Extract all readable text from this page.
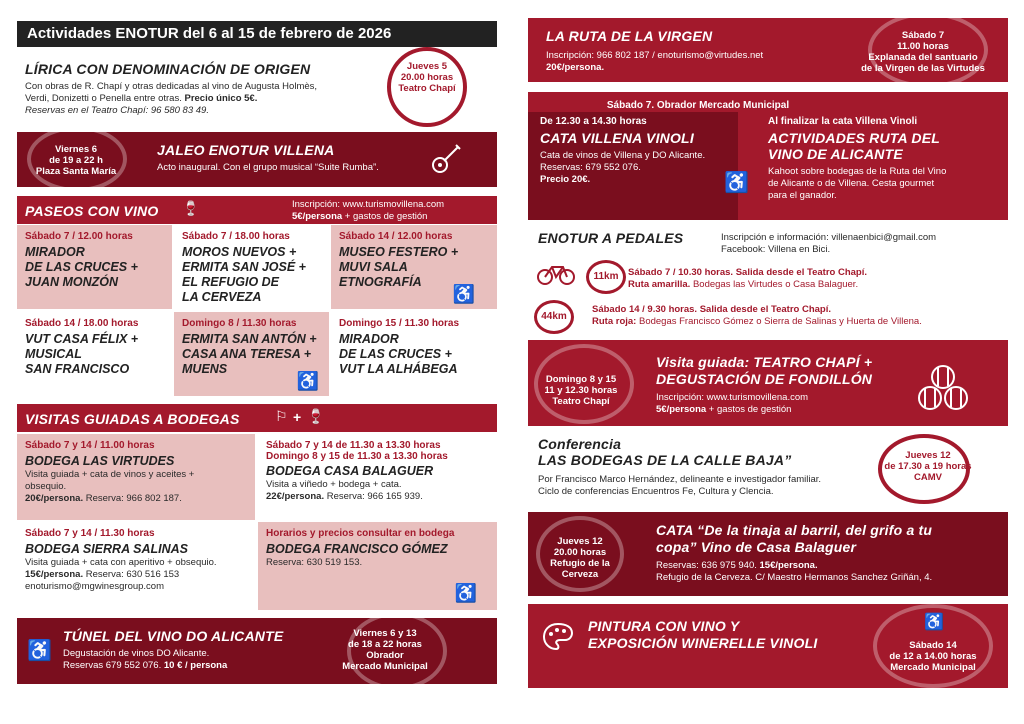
Actividades ENOTUR del 6 al 15 de febrero de 2026
LÍRICA CON DENOMINACIÓN DE ORIGEN
Con obras de R. Chapí y otras dedicadas al vino de Augusta Holmès,
Verdi, Donizetti o Penella entre otras. Precio único 5€.
Reservas en el Teatro Chapí: 96 580 83 49.
Jueves 5
20.00 horas
Teatro Chapí
Viernes 6
de 19 a 22 h
Plaza Santa María
JALEO ENOTUR VILLENA
Acto inaugural. Con el grupo musical “Suite Rumba”.
PASEOS CON VINO 🍷	Inscripción: www.turismovillena.com
5€/persona + gastos de gestión
Sábado 7 / 12.00 horas
MIRADOR
DE LAS CRUCES +
JUAN MONZÓN
Sábado 7 / 18.00 horas
MOROS NUEVOS +
ERMITA SAN JOSÉ +
EL REFUGIO DE
LA CERVEZA
Sábado 14 / 12.00 horas
MUSEO FESTERO +
MUVI SALA
ETNOGRAFÍA
♿
Sábado 14 / 18.00 horas
VUT CASA FÉLIX +
MUSICAL
SAN FRANCISCO
Domingo 8 / 11.30 horas
ERMITA SAN ANTÓN +
CASA ANA TERESA +
MUENS
♿
Domingo 15 / 11.30 horas
MIRADOR
DE LAS CRUCES +
VUT LA ALHÁBEGA
VISITAS GUIADAS A BODEGAS	⚐ + 🍷
Sábado 7 y 14 / 11.00 horas
BODEGA LAS VIRTUDES
Visita guiada + cata de vinos y aceites +
obsequio.
20€/persona. Reserva: 966 802 187.
Sábado 7 y 14 de 11.30 a 13.30 horas
Domingo 8 y 15 de 11.30 a 13.30 horas
BODEGA CASA BALAGUER
Visita a viñedo + bodega + cata.
22€/persona. Reserva: 966 165 939.
Sábado 7 y 14 / 11.30 horas
BODEGA SIERRA SALINAS
Visita guiada + cata con aperitivo + obsequio.
15€/persona. Reserva: 630 516 153
enoturismo@mgwinesgroup.com
Horarios y precios consultar en bodega
BODEGA FRANCISCO GÓMEZ
Reserva: 630 519 153.
♿
♿
TÚNEL DEL VINO DO ALICANTE
Degustación de vinos DO Alicante.
Reservas 679 552 076. 10 € / persona
Viernes 6 y 13
de 18 a 22 horas
Obrador
Mercado Municipal
LA RUTA DE LA VIRGEN
Inscripción: 966 802 187 / enoturismo@virtudes.net
20€/persona.
Sábado 7
11.00 horas
Explanada del santuario
de la Virgen de las Virtudes
Sábado 7. Obrador Mercado Municipal
De 12.30 a 14.30 horas
CATA VILLENA VINOLI
Cata de vinos de Villena y DO Alicante.
Reservas: 679 552 076.
Precio 20€.	♿
Al finalizar la cata Villena Vinoli
ACTIVIDADES RUTA DEL
VINO DE ALICANTE
Kahoot sobre bodegas de la Ruta del Vino
de Alicante o de Villena. Cesta gourmet
para el ganador.
ENOTUR A PEDALES	Inscripción e información: villenaenbici@gmail.com
Facebook: Villena en Bici.
11km Sábado 7 / 10.30 horas. Salida desde el Teatro Chapí.
Ruta amarilla. Bodegas las Virtudes o Casa Balaguer.
44km
Sábado 14 / 9.30 horas. Salida desde el Teatro Chapí.
Ruta roja: Bodegas Francisco Gómez o Sierra de Salinas y Huerta de Villena.
Domingo 8 y 15
11 y 12.30 horas
Teatro Chapí
Visita guiada: TEATRO CHAPÍ +
DEGUSTACIÓN DE FONDILLÓN
Inscripción: www.turismovillena.com
5€/persona + gastos de gestión
Conferencia
LAS BODEGAS DE LA CALLE BAJA”
Por Francisco Marco Hernández, delineante e investigador familiar.
Ciclo de conferencias Encuentros Fe, Cultura y Clencia.
Jueves 12
de 17.30 a 19 horas
CAMV
Jueves 12
20.00 horas
Refugio de la
Cerveza
CATA “De la tinaja al barril, del grifo a tu
copa” Vino de Casa Balaguer
Reservas: 636 975 940. 15€/persona.
Refugio de la Cerveza. C/ Maestro Hermanos Sanchez Griñán, 4.
PINTURA CON VINO Y
EXPOSICIÓN WINERELLE VINOLI
♿
Sábado 14
de 12 a 14.00 horas
Mercado Municipal
